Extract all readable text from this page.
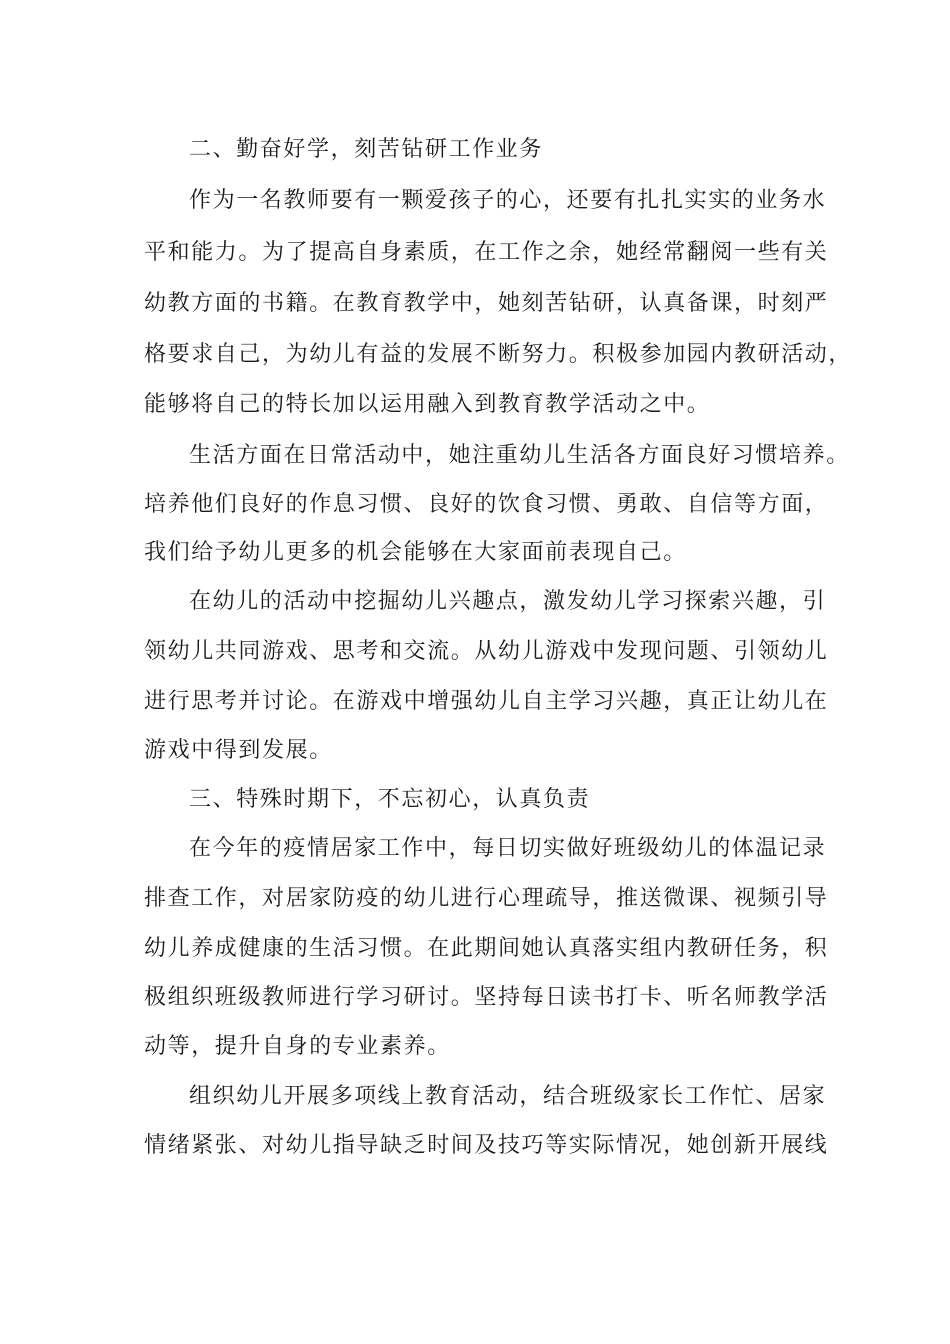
二、勤奋好学，刻苦钻研工作业务
作为一名教师要有一颗爱孩子的心，还要有扎扎实实的业务水
平和能力。为了提高自身素质，在工作之余，她经常翻阅一些有关
幼教方面的书籍。在教育教学中，她刻苦钻研，认真备课，时刻严
格要求自己，为幼儿有益的发展不断努力。积极参加园内教研活动，
能够将自己的特长加以运用融入到教育教学活动之中。
生活方面在日常活动中，她注重幼儿生活各方面良好习惯培养。
培养他们良好的作息习惯、良好的饮食习惯、勇敢、自信等方面，
我们给予幼儿更多的机会能够在大家面前表现自己。
在幼儿的活动中挖掘幼儿兴趣点，激发幼儿学习探索兴趣，引
领幼儿共同游戏、思考和交流。从幼儿游戏中发现问题、引领幼儿
进行思考并讨论。在游戏中增强幼儿自主学习兴趣，真正让幼儿在
游戏中得到发展。
三、特殊时期下，不忘初心，认真负责
在今年的疫情居家工作中，每日切实做好班级幼儿的体温记录
排查工作，对居家防疫的幼儿进行心理疏导，推送微课、视频引导
幼儿养成健康的生活习惯。在此期间她认真落实组内教研任务，积
极组织班级教师进行学习研讨。坚持每日读书打卡、听名师教学活
动等，提升自身的专业素养。
组织幼儿开展多项线上教育活动，结合班级家长工作忙、居家
情绪紧张、对幼儿指导缺乏时间及技巧等实际情况，她创新开展线
